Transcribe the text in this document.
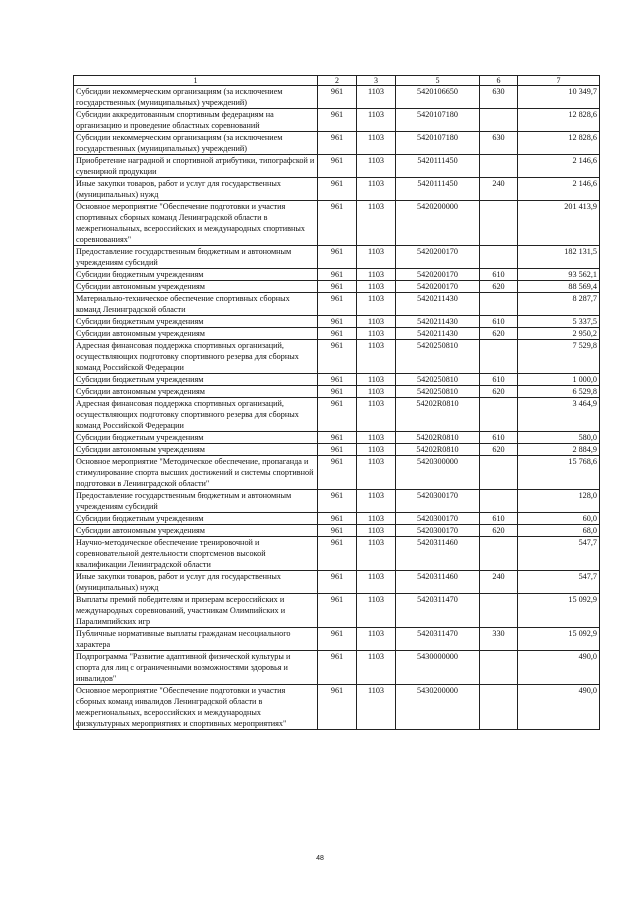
1	2	3	5	6	7
Субсидии некоммерческим организациям (за исключением государственных (муниципальных) учреждений)	961	1103	5420106650	630	10 349,7
Субсидии аккредитованным спортивным федерациям на организацию и проведение областных соревнований	961	1103	5420107180		12 828,6
Субсидии некоммерческим организациям (за исключением государственных (муниципальных) учреждений)	961	1103	5420107180	630	12 828,6
Приобретение наградной и спортивной атрибутики, типографской и сувенирной продукции	961	1103	5420111450		2 146,6
Иные закупки товаров, работ и услуг для государственных (муниципальных) нужд	961	1103	5420111450	240	2 146,6
Основное мероприятие "Обеспечение подготовки и участия спортивных сборных команд Ленинградской области в межрегиональных, всероссийских и международных спортивных соревнованиях"	961	1103	5420200000		201 413,9
Предоставление государственным бюджетным и автономным учреждениям субсидий	961	1103	5420200170		182 131,5
Субсидии бюджетным учреждениям	961	1103	5420200170	610	93 562,1
Субсидии автономным учреждениям	961	1103	5420200170	620	88 569,4
Материально-техническое обеспечение спортивных сборных команд Ленинградской области	961	1103	5420211430		8 287,7
Субсидии бюджетным учреждениям	961	1103	5420211430	610	5 337,5
Субсидии автономным учреждениям	961	1103	5420211430	620	2 950,2
Адресная финансовая поддержка спортивных организаций, осуществляющих подготовку спортивного резерва для сборных команд Российской Федерации	961	1103	5420250810		7 529,8
Субсидии бюджетным учреждениям	961	1103	5420250810	610	1 000,0
Субсидии автономным учреждениям	961	1103	5420250810	620	6 529,8
Адресная финансовая поддержка спортивных организаций, осуществляющих подготовку спортивного резерва для сборных команд Российской Федерации	961	1103	54202R0810		3 464,9
Субсидии бюджетным учреждениям	961	1103	54202R0810	610	580,0
Субсидии автономным учреждениям	961	1103	54202R0810	620	2 884,9
Основное мероприятие "Методическое обеспечение, пропаганда и стимулирование спорта высших достижений и системы спортивной подготовки в Ленинградской области"	961	1103	5420300000		15 768,6
Предоставление государственным бюджетным и автономным учреждениям субсидий	961	1103	5420300170		128,0
Субсидии бюджетным учреждениям	961	1103	5420300170	610	60,0
Субсидии автономным учреждениям	961	1103	5420300170	620	68,0
Научно-методическое обеспечение тренировочной и соревновательной деятельности спортсменов высокой квалификации Ленинградской области	961	1103	5420311460		547,7
Иные закупки товаров, работ и услуг для государственных (муниципальных) нужд	961	1103	5420311460	240	547,7
Выплаты премий победителям и призерам всероссийских и международных соревнований, участникам Олимпийских и Паралимпийских игр	961	1103	5420311470		15 092,9
Публичные нормативные выплаты гражданам несоциального характера	961	1103	5420311470	330	15 092,9
Подпрограмма "Развитие адаптивной физической культуры и спорта для лиц с ограниченными возможностями здоровья и инвалидов"	961	1103	5430000000		490,0
Основное мероприятие "Обеспечение подготовки и участия сборных команд инвалидов Ленинградской области в межрегиональных, всероссийских и международных физкультурных мероприятиях и спортивных мероприятиях"	961	1103	5430200000		490,0
48
